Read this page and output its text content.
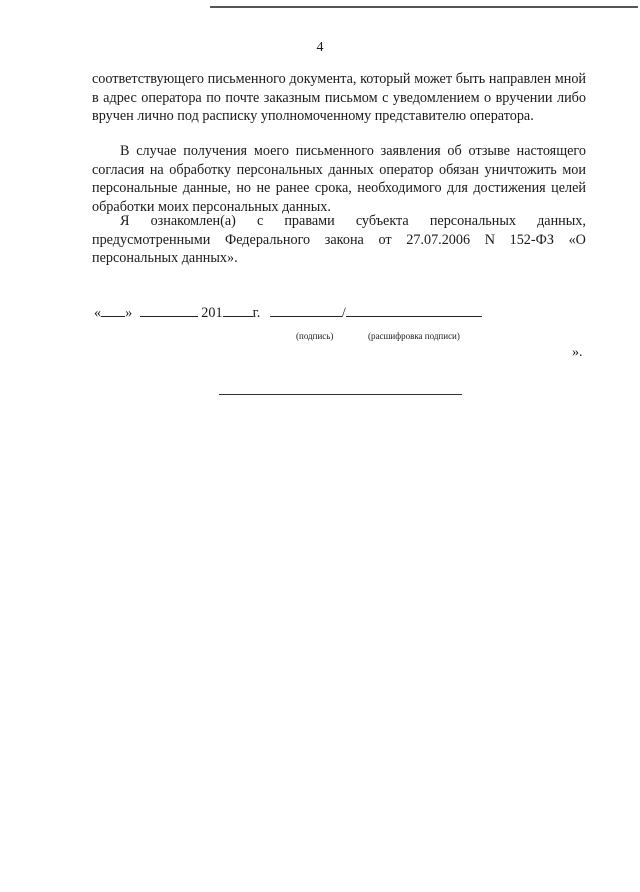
4

соответствующего письменного документа, который может быть направлен мной в адрес оператора по почте заказным письмом с уведомлением о вручении либо вручен лично под расписку уполномоченному представителю оператора.

В случае получения моего письменного заявления об отзыве настоящего согласия на обработку персональных данных оператор обязан уничтожить мои персональные данные, но не ранее срока, необходимого для достижения целей обработки моих персональных данных.

Я ознакомлен(а) с правами субъекта персональных данных,
предусмотренными Федерального закона от 27.07.2006 N 152-ФЗ «О
персональных данных».
« »	201 г.	/
(подпись)	(расшифровка подписи)
».
